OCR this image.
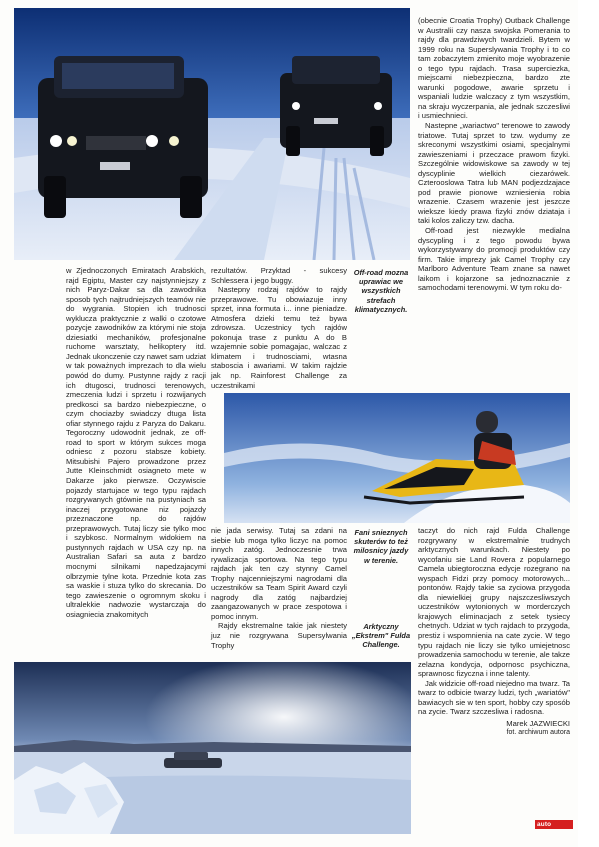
(obecnie Croatia Trophy) Outback Challenge w Australii czy nasza swojska Pomerania to rajdy dla prawdziwych twardzieli. Bytem w 1999 roku na Superslywania Trophy i to co tam zobaczytem zmienito moje wyobrazenie o tego typu rajdach. Trasa superciezka, miejscami niebezpieczna, bardzo zte warunki pogodowe, awarie sprzetu i wspaniali ludzie walczacy z tym wszystkim, na skraju wyczerpania, ale jednak szczesliwi i usmiechnieci.

Nastepne „wariactwo" terenowe to zawody triatowe. Tutaj sprzet to tzw. wydumy ze skreconymi wszystkimi osiami, specjalnymi zawieszeniami i przeczace prawom fizyki. Szczególnie widowiskowe sa zawody w tej dyscyplinie wielkich ciezarówek. Czterooslowa Tatra lub MAN podjezdzajace pod prawie pionowe wzniesienia robia wrazenie. Czasem wrazenie jest jeszcze wieksze kiedy prawa fizyki znów dziatajа i taki kolos zaliczy tzw. dacha.

Off-road jest niezwykle medialna dyscypling i z tego powodu bywa wykorzystywany do promocji produktów czy firm. Takie imprezy jak Camel Trophy czy Marlboro Adventure Team znane sa nawet laikom i kojarzone sa jednoznacznie z samochodami terenowymi. W tym roku do-

w Zjednoczonych Emiratach Arabskich, rajd Egiptu, Master czy najstynniejszy z nich Paryz-Dakar sa dla zawodnika sposob tych najtrudniejszych teamów nie do wygrania. Stopien ich trudnosci wyklucza praktycznie z walki o czotowe pozycje zawodników za którymi nie stoja dziesiatki mechaników, profesjonalne ruchome warsztaty, helikoptery itd. Jednak ukonczenie czy nawet sam udziat w tak poważnych imprezach to dla wielu powód do dumy. Pustynne rajdy z racji ich dtugosci, trudnosci terenowych, zmeczenia ludzi i sprzetu i rozwijanych predkosci sa bardzo niebezpieczne, o czym chociazby swiadczy dtuga lista ofiar stynnego rajdu z Paryza do Dakaru. Tegoroczny udowodnit jednak, ze off-road to sport w którym sukces moga odniesc z pozoru stabsze kobiety. Mitsubishi Pajero prowadzone przez Jutte Kleinschmidt osiagneto mete w Dakarze jako pierwsze. Oczywiscie pojazdy startujace w tego typu rajdach rozgrywanych gtównie na pustyniach sa inaczej przygotowane niz pojazdy przeznaczone np. do rajdów przeprawowych. Tutaj liczy sie tylko moc i szybkosc. Normalnym widokiem na pustynnych rajdach w USA czy np. na Australian Safari sa auta z bardzo mocnymi silnikami napedzajacymi olbrzymie tylne kota. Przednie kota zas sa waskie i stuza tylko do skrecania. Do tego zawieszenie o ogromnym skoku i ultralekkie nadwozie wystarczaja do osiagniecia znakomitych

rezultatów. Przyktad - sukcesy Schlessera i jego buggy.

Nastepny rodzaj rajdów to rajdy przeprawowe. Tu obowiazuje inny sprzet, inna formuta i... inne pieniadze. Atmosfera dzieki temu też bywa zdrowsza. Uczestnicy tych rajdów pokonuja trase z punktu A do B wzajemnie sobie pomagajac, walczac z klimatem i trudnosciami, wtasna staboscia i awariami. W takim rajdzie jak np. Rainforest Challenge za uczestnikami

Off-road mozna uprawiac we wszystkich strefach klimatycznych.

nie jada serwisy. Tutaj sa zdani na siebie lub moga tylko liczyc na pomoc innych zatóg. Jednoczesnie trwa rywalizacja sportowa. Na tego typu rajdach jak ten czy stynny Camel Trophy najcenniejszymi nagrodami dla uczestników sa Team Spirit Award czyli nagrody dla zatóg najbardziej zaangazowanych w prace zespotowa i pomoc innym.

Rajdy ekstremalne takie jak niestety juz nie rozgrywana Supersylwania Trophy

Fani snieznych skuterów to też milosnicy jazdy w terenie.
Arktyczny „Ekstrem" Fulda Challenge.

taczyt do nich rajd Fulda Challenge rozgrywany w ekstremalnie trudnych arktycznych warunkach. Niestety po wycofaniu sie Land Rovera z popularnego Camela ubiegtoroczna edycje rozegrano na wyspach Fidzi przy pomocy motorowych... pontonów. Rajdy takie sa zyciowa przygoda dla niewielkiej grupy najszczesliwszych uczestników wytonionych w morderczych krajowych eliminacjach z setek tysiecy chetnych. Udziat w tych rajdach to przygoda, prestiz i wspomnienia na cate zycie. W tego typu rajdach nie liczy sie tylko umiejetnosc prowadzenia samochodu w terenie, ale takze zelazna kondycja, odpornosc psychiczna, sprawnosc fizyczna i inne talenty.

Jak widzicie off-road niejedno ma twarz. Ta twarz to odbicie twarzy ludzi, tych „wariatów" bawiacych sie w ten sport, hobby czy sposób na zycie. Twarz szczesliwa i radosna.

Marek JAZWIECKI
fot. archiwum autora
auto
